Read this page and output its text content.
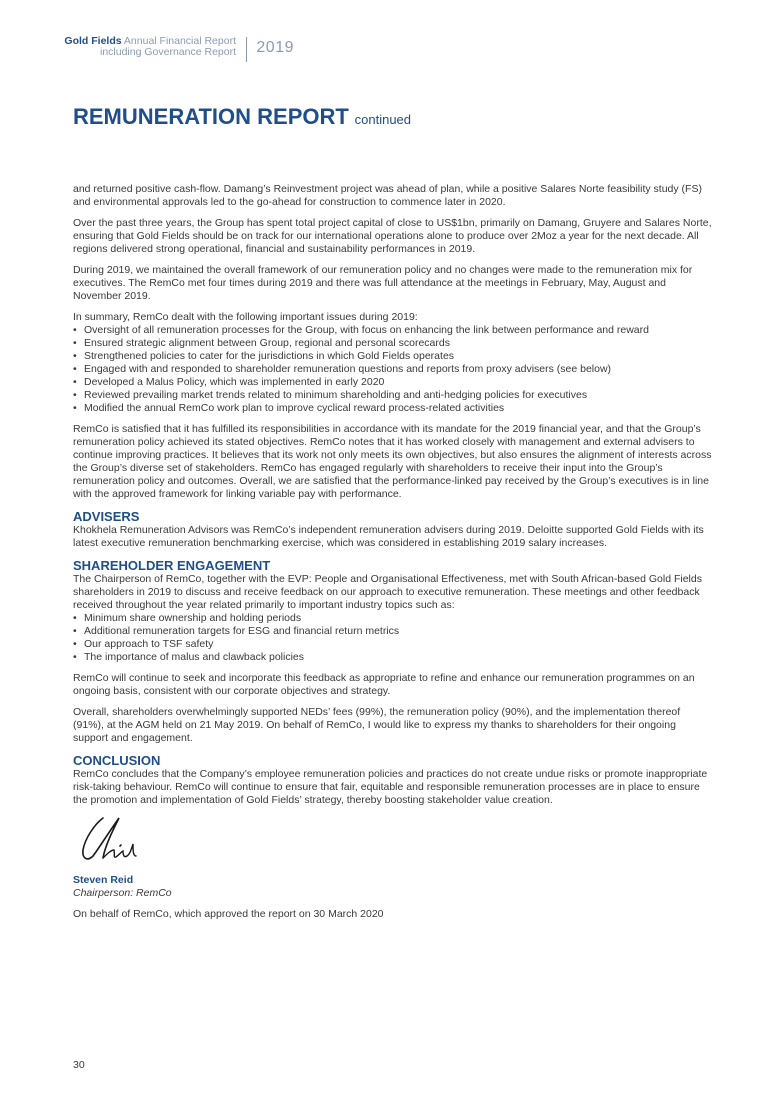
Gold Fields Annual Financial Report
including Governance Report 2019
REMUNERATION REPORT continued

and returned positive cash-flow. Damang’s Reinvestment project was ahead of plan, while a positive Salares Norte feasibility study (FS) and environmental approvals led to the go-ahead for construction to commence later in 2020.

Over the past three years, the Group has spent total project capital of close to US$1bn, primarily on Damang, Gruyere and Salares Norte, ensuring that Gold Fields should be on track for our international operations alone to produce over 2Moz a year for the next decade. All regions delivered strong operational, financial and sustainability performances in 2019.

During 2019, we maintained the overall framework of our remuneration policy and no changes were made to the remuneration mix for executives. The RemCo met four times during 2019 and there was full attendance at the meetings in February, May, August and November 2019.

In summary, RemCo dealt with the following important issues during 2019:

• Oversight of all remuneration processes for the Group, with focus on enhancing the link between performance and reward
• Ensured strategic alignment between Group, regional and personal scorecards
• Strengthened policies to cater for the jurisdictions in which Gold Fields operates
• Engaged with and responded to shareholder remuneration questions and reports from proxy advisers (see below)
• Developed a Malus Policy, which was implemented in early 2020
• Reviewed prevailing market trends related to minimum shareholding and anti-hedging policies for executives
• Modified the annual RemCo work plan to improve cyclical reward process-related activities

RemCo is satisfied that it has fulfilled its responsibilities in accordance with its mandate for the 2019 financial year, and that the Group’s remuneration policy achieved its stated objectives. RemCo notes that it has worked closely with management and external advisers to continue improving practices. It believes that its work not only meets its own objectives, but also ensures the alignment of interests across the Group’s diverse set of stakeholders. RemCo has engaged regularly with shareholders to receive their input into the Group’s remuneration policy and outcomes. Overall, we are satisfied that the performance-linked pay received by the Group’s executives is in line with the approved framework for linking variable pay with performance.

ADVISERS

Khokhela Remuneration Advisors was RemCo’s independent remuneration advisers during 2019. Deloitte supported Gold Fields with its latest executive remuneration benchmarking exercise, which was considered in establishing 2019 salary increases.

SHAREHOLDER ENGAGEMENT

The Chairperson of RemCo, together with the EVP: People and Organisational Effectiveness, met with South African-based Gold Fields shareholders in 2019 to discuss and receive feedback on our approach to executive remuneration. These meetings and other feedback received throughout the year related primarily to important industry topics such as:

• Minimum share ownership and holding periods
• Additional remuneration targets for ESG and financial return metrics
• Our approach to TSF safety
• The importance of malus and clawback policies

RemCo will continue to seek and incorporate this feedback as appropriate to refine and enhance our remuneration programmes on an ongoing basis, consistent with our corporate objectives and strategy.

Overall, shareholders overwhelmingly supported NEDs’ fees (99%), the remuneration policy (90%), and the implementation thereof (91%), at the AGM held on 21 May 2019. On behalf of RemCo, I would like to express my thanks to shareholders for their ongoing support and engagement.

CONCLUSION

RemCo concludes that the Company’s employee remuneration policies and practices do not create undue risks or promote inappropriate risk-taking behaviour. RemCo will continue to ensure that fair, equitable and responsible remuneration processes are in place to ensure the promotion and implementation of Gold Fields’ strategy, thereby boosting stakeholder value creation.

Steven Reid
Chairperson: RemCo
On behalf of RemCo, which approved the report on 30 March 2020
30
